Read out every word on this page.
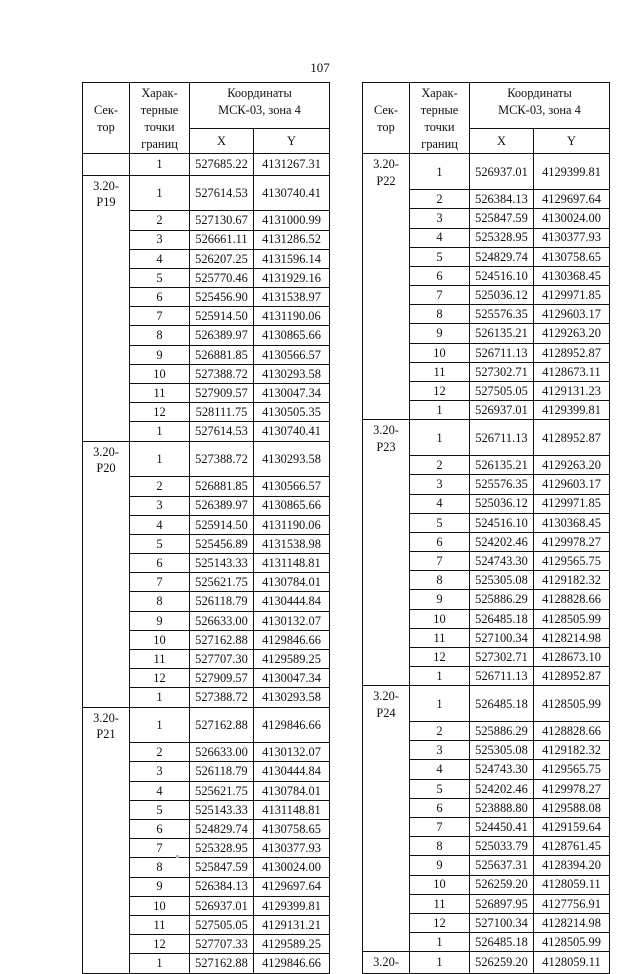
107
Сек-
тор	Харак-
терные
точки
границ	Координаты
МСК-03, зона 4	
		X	Y
	1	527685.22	4131267.31
3.20-
P19	1	527614.53	4130740.41
	2	527130.67	4131000.99
	3	526661.11	4131286.52
	4	526207.25	4131596.14
	5	525770.46	4131929.16
	6	525456.90	4131538.97
	7	525914.50	4131190.06
	8	526389.97	4130865.66
	9	526881.85	4130566.57
	10	527388.72	4130293.58
	11	527909.57	4130047.34
	12	528111.75	4130505.35
	1	527614.53	4130740.41
3.20-
P20	1	527388.72	4130293.58
	2	526881.85	4130566.57
	3	526389.97	4130865.66
	4	525914.50	4131190.06
	5	525456.89	4131538.98
	6	525143.33	4131148.81
	7	525621.75	4130784.01
	8	526118.79	4130444.84
	9	526633.00	4130132.07
	10	527162.88	4129846.66
	11	527707.30	4129589.25
	12	527909.57	4130047.34
	1	527388.72	4130293.58
3.20-
P21	1	527162.88	4129846.66
	2	526633.00	4130132.07
	3	526118.79	4130444.84
	4	525621.75	4130784.01
	5	525143.33	4131148.81
	6	524829.74	4130758.65
	7	525328.95	4130377.93
	8	525847.59	4130024.00
	9	526384.13	4129697.64
	10	526937.01	4129399.81
	11	527505.05	4129131.21
	12	527707.33	4129589.25
	1	527162.88	4129846.66
Сек-
тор	Харак-
терные
точки
границ	Координаты
МСК-03, зона 4	
		X	Y
3.20-
P22	1	526937.01	4129399.81
	2	526384.13	4129697.64
	3	525847.59	4130024.00
	4	525328.95	4130377.93
	5	524829.74	4130758.65
	6	524516.10	4130368.45
	7	525036.12	4129971.85
	8	525576.35	4129603.17
	9	526135.21	4129263.20
	10	526711.13	4128952.87
	11	527302.71	4128673.11
	12	527505.05	4129131.23
	1	526937.01	4129399.81
3.20-
P23	1	526711.13	4128952.87
	2	526135.21	4129263.20
	3	525576.35	4129603.17
	4	525036.12	4129971.85
	5	524516.10	4130368.45
	6	524202.46	4129978.27
	7	524743.30	4129565.75
	8	525305.08	4129182.32
	9	525886.29	4128828.66
	10	526485.18	4128505.99
	11	527100.34	4128214.98
	12	527302.71	4128673.10
	1	526711.13	4128952.87
3.20-
P24	1	526485.18	4128505.99
	2	525886.29	4128828.66
	3	525305.08	4129182.32
	4	524743.30	4129565.75
	5	524202.46	4129978.27
	6	523888.80	4129588.08
	7	524450.41	4129159.64
	8	525033.79	4128761.45
	9	525637.31	4128394.20
	10	526259.20	4128059.11
	11	526897.95	4127756.91
	12	527100.34	4128214.98
	1	526485.18	4128505.99
3.20-	1	526259.20	4128059.11
